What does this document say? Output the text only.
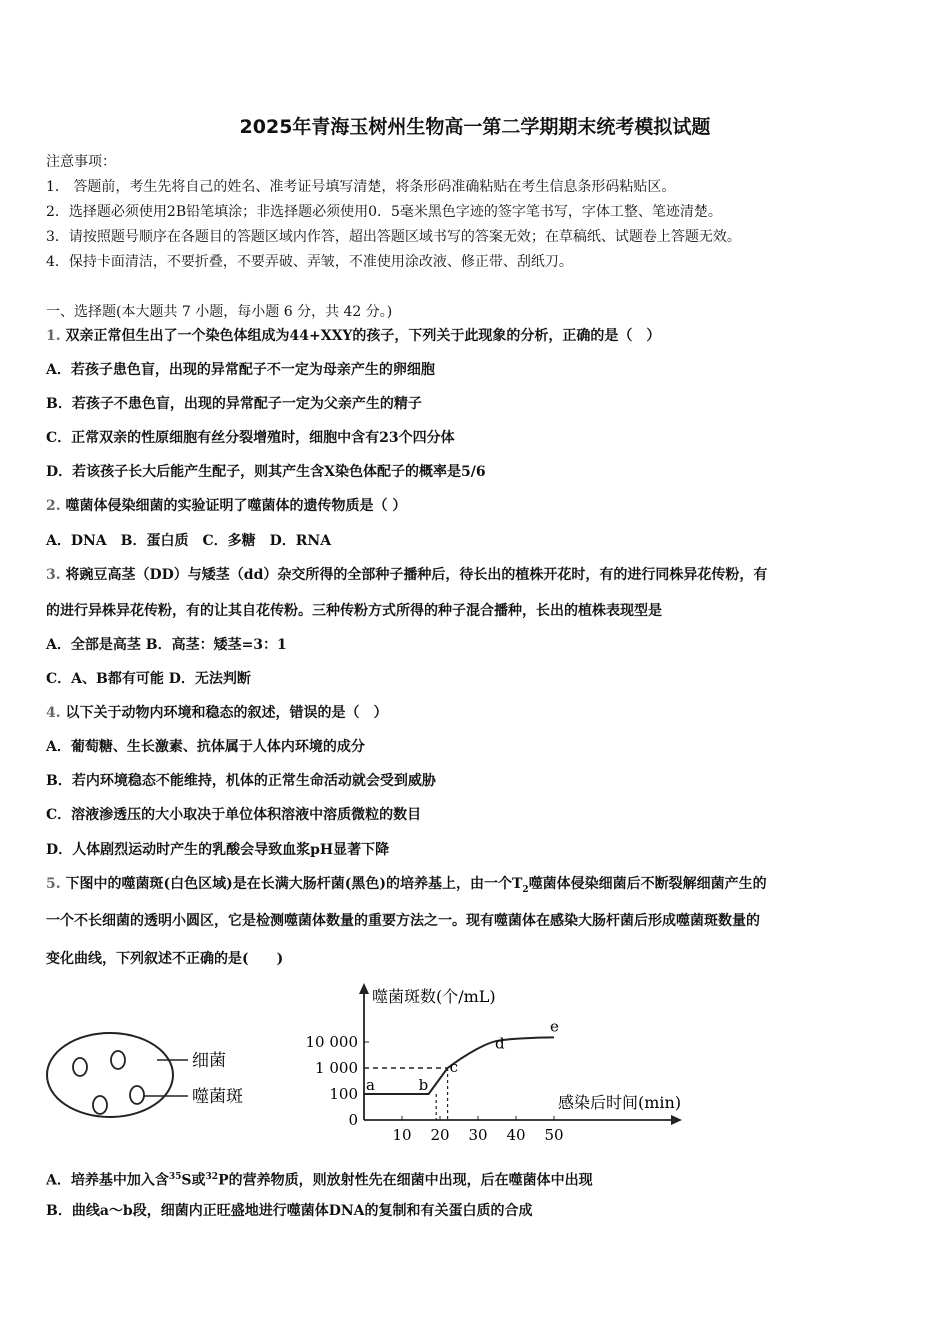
2025年青海玉树州生物高一第二学期期末统考模拟试题
注意事项：
1． 答题前，考生先将自己的姓名、准考证号填写清楚，将条形码准确粘贴在考生信息条形码粘贴区。
2．选择题必须使用2B铅笔填涂；非选择题必须使用0．5毫米黑色字迹的签字笔书写，字体工整、笔迹清楚。
3．请按照题号顺序在各题目的答题区域内作答，超出答题区域书写的答案无效；在草稿纸、试题卷上答题无效。
4．保持卡面清洁，不要折叠，不要弄破、弄皱，不准使用涂改液、修正带、刮纸刀。
一、选择题(本大题共 7 小题，每小题 6 分，共 42 分。)
1. 双亲正常但生出了一个染色体组成为44+XXY的孩子，下列关于此现象的分析，正确的是（　）
A．若孩子患色盲，出现的异常配子不一定为母亲产生的卵细胞
B．若孩子不患色盲，出现的异常配子一定为父亲产生的精子
C．正常双亲的性原细胞有丝分裂增殖时，细胞中含有23个四分体
D．若该孩子长大后能产生配子，则其产生含X染色体配子的概率是5/6
2. 噬菌体侵染细菌的实验证明了噬菌体的遗传物质是（ ）
A．DNA　B．蛋白质　C．多糖　D．RNA
3. 将豌豆高茎（DD）与矮茎（dd）杂交所得的全部种子播种后，待长出的植株开花时，有的进行同株异花传粉，有
的进行异株异花传粉，有的让其自花传粉。三种传粉方式所得的种子混合播种，长出的植株表现型是
A．全部是高茎 B．高茎：矮茎=3：1
C．A、B都有可能 D．无法判断
4. 以下关于动物内环境和稳态的叙述，错误的是（　）
A．葡萄糖、生长激素、抗体属于人体内环境的成分
B．若内环境稳态不能维持，机体的正常生命活动就会受到威胁
C．溶液渗透压的大小取决于单位体积溶液中溶质微粒的数目
D．人体剧烈运动时产生的乳酸会导致血浆pH显著下降
5. 下图中的噬菌斑(白色区域)是在长满大肠杆菌(黑色)的培养基上，由一个$T_2$噬菌体侵染细菌后不断裂解细菌产生的
一个不长细菌的透明小圆区，它是检测噬菌体数量的重要方法之一。现有噬菌体在感染大肠杆菌后形成噬菌斑数量的
变化曲线，下列叙述不正确的是(　　)
细菌
噬菌斑
噬菌斑数(个/mL)
感染后时间(min)
0
100
1 000
10 000
10 20 30 40 50
a	b
c
d
e
A．培养基中加入含$^{35}$S或$^{32}$P的营养物质，则放射性先在细菌中出现，后在噬菌体中出现
B．曲线a～b段，细菌内正旺盛地进行噬菌体DNA的复制和有关蛋白质的合成
